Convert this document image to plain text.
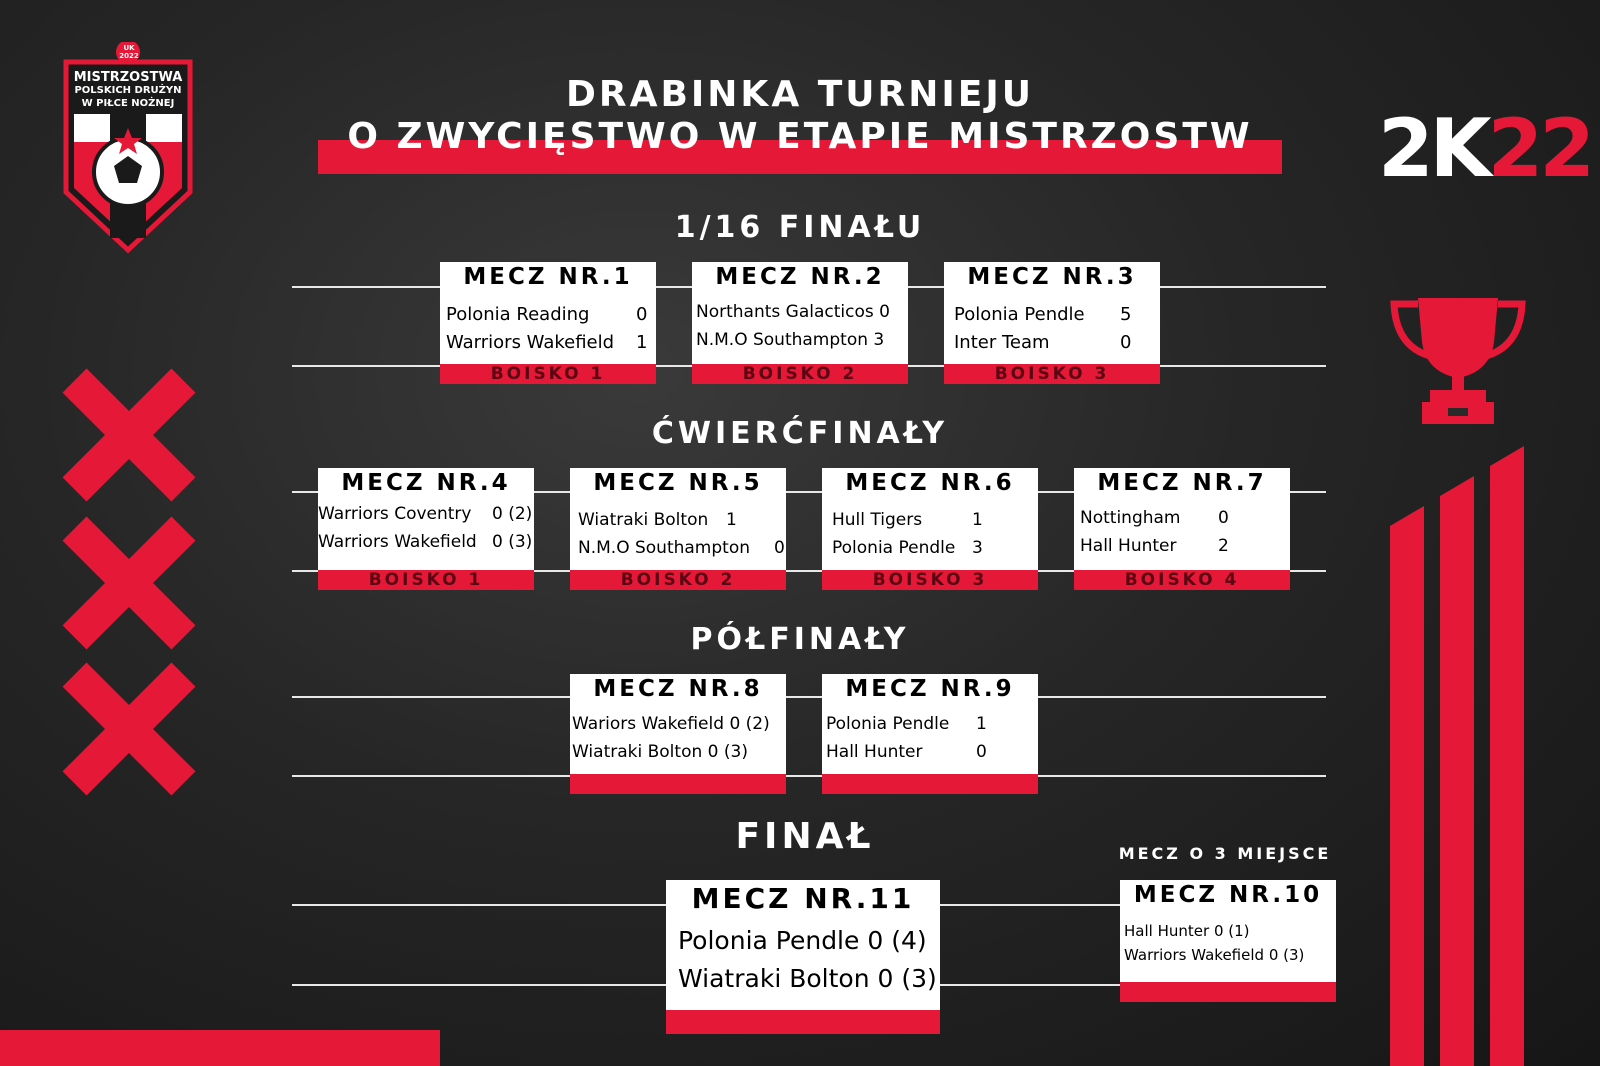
UK 2022
MISTRZOSTWA
POLSKICH DRUŻYN
W PIŁCE NOŻNEJ	DRABINKA TURNIEJU
O ZWYCIĘSTWO W ETAPIE MISTRZOSTW	2K22
1/16 FINAŁU
ĆWIERĆFINAŁY
PÓŁFINAŁY
FINAŁ	MECZ O 3 MIEJSCE
MECZ NR.1
Polonia Reading	0
Warriors Wakefield 1
BOISKO 1
MECZ NR.2
Northants Galacticos 0
N.M.O Southampton 3
BOISKO 2
MECZ NR.3
Polonia Pendle 5
Inter Team	0
BOISKO 3
MECZ NR.4
Warriors Coventry 0 (2)
Warriors Wakefield 0 (3)
BOISKO 1
MECZ NR.5
Wiatraki Bolton 1
N.M.O Southampton 0
BOISKO 2
MECZ NR.6
Hull Tigers	1
Polonia Pendle 3
BOISKO 3
MECZ NR.7
Nottingham 0
Hall Hunter 2
BOISKO 4
MECZ NR.8
Wariors Wakefield 0 (2)
Wiatraki Bolton 0 (3)
MECZ NR.9
Polonia Pendle 1
Hall Hunter	0
MECZ NR.11
Polonia Pendle 0 (4)
Wiatraki Bolton 0 (3)
MECZ NR.10
Hall Hunter 0 (1)
Warriors Wakefield 0 (3)
